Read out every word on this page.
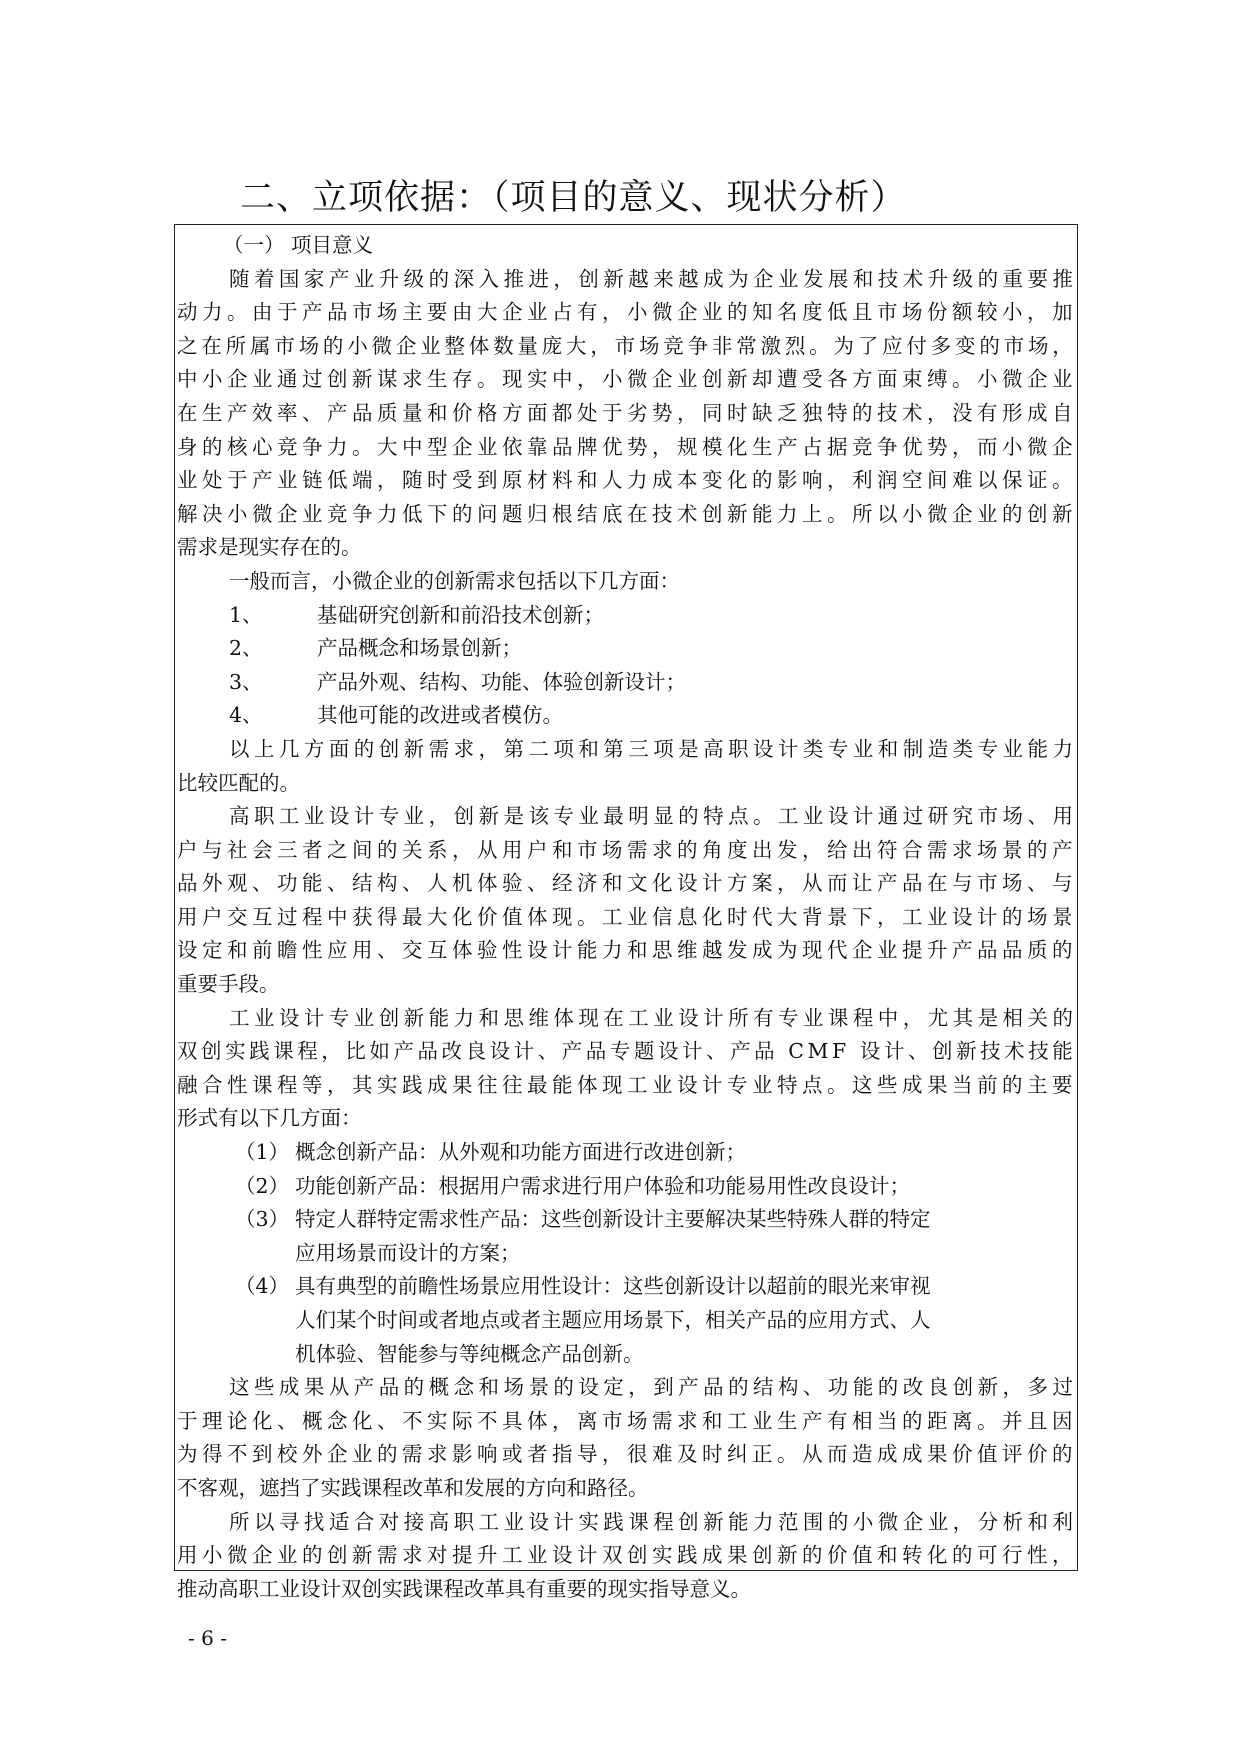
二、立项依据：（项目的意义、现状分析）
（一） 项目意义
随 着 国 家 产 业 升 级 的 深 入 推 进 ， 创 新 越 来 越 成 为 企 业 发 展 和 技 术 升 级 的 重 要 推
动 力 。 由 于 产 品 市 场 主 要 由 大 企 业 占 有 ， 小 微 企 业 的 知 名 度 低 且 市 场 份 额 较 小 ， 加
之 在 所 属 市 场 的 小 微 企 业 整 体 数 量 庞 大 ， 市 场 竞 争 非 常 激 烈 。 为 了 应 付 多 变 的 市 场 ，
中 小 企 业 通 过 创 新 谋 求 生 存 。 现 实 中 ， 小 微 企 业 创 新 却 遭 受 各 方 面 束 缚 。 小 微 企 业
在 生 产 效 率 、 产 品 质 量 和 价 格 方 面 都 处 于 劣 势 ， 同 时 缺 乏 独 特 的 技 术 ， 没 有 形 成 自
身 的 核 心 竞 争 力 。 大 中 型 企 业 依 靠 品 牌 优 势 ， 规 模 化 生 产 占 据 竞 争 优 势 ， 而 小 微 企
业 处 于 产 业 链 低 端 ， 随 时 受 到 原 材 料 和 人 力 成 本 变 化 的 影 响 ， 利 润 空 间 难 以 保 证 。
解 决 小 微 企 业 竞 争 力 低 下 的 问 题 归 根 结 底 在 技 术 创 新 能 力 上 。 所 以 小 微 企 业 的 创 新
需求是现实存在的。
一般而言，小微企业的创新需求包括以下几方面：
1、	基础研究创新和前沿技术创新；
2、	产品概念和场景创新；
3、	产品外观、结构、功能、体验创新设计；
4、	其他可能的改进或者模仿。
以 上 几 方 面 的 创 新 需 求 ， 第 二 项 和 第 三 项 是 高 职 设 计 类 专 业 和 制 造 类 专 业 能 力
比较匹配的。
高 职 工 业 设 计 专 业 ， 创 新 是 该 专 业 最 明 显 的 特 点 。 工 业 设 计 通 过 研 究 市 场 、 用
户 与 社 会 三 者 之 间 的 关 系 ， 从 用 户 和 市 场 需 求 的 角 度 出 发 ， 给 出 符 合 需 求 场 景 的 产
品 外 观 、 功 能 、 结 构 、 人 机 体 验 、 经 济 和 文 化 设 计 方 案 ， 从 而 让 产 品 在 与 市 场 、 与
用 户 交 互 过 程 中 获 得 最 大 化 价 值 体 现 。 工 业 信 息 化 时 代 大 背 景 下 ， 工 业 设 计 的 场 景
设 定 和 前 瞻 性 应 用 、 交 互 体 验 性 设 计 能 力 和 思 维 越 发 成 为 现 代 企 业 提 升 产 品 品 质 的
重要手段。
工 业 设 计 专 业 创 新 能 力 和 思 维 体 现 在 工 业 设 计 所 有 专 业 课 程 中 ， 尤 其 是 相 关 的
双 创 实 践 课 程 ， 比 如 产 品 改 良 设 计 、 产 品 专 题 设 计 、 产 品
C M F
设 计 、 创 新 技 术 技 能
融 合 性 课 程 等 ， 其 实 践 成 果 往 往 最 能 体 现 工 业 设 计 专 业 特 点 。 这 些 成 果 当 前 的 主 要
形式有以下几方面：
（1） 概念创新产品：从外观和功能方面进行改进创新；
（2） 功能创新产品：根据用户需求进行用户体验和功能易用性改良设计；
（3） 特定人群特定需求性产品：这些创新设计主要解决某些特殊人群的特定
应用场景而设计的方案；
（4） 具有典型的前瞻性场景应用性设计：这些创新设计以超前的眼光来审视
人们某个时间或者地点或者主题应用场景下，相关产品的应用方式、人
机体验、智能参与等纯概念产品创新。
这 些 成 果 从 产 品 的 概 念 和 场 景 的 设 定 ， 到 产 品 的 结 构 、 功 能 的 改 良 创 新 ， 多 过
于 理 论 化 、 概 念 化 、 不 实 际 不 具 体 ， 离 市 场 需 求 和 工 业 生 产 有 相 当 的 距 离 。 并 且 因
为 得 不 到 校 外 企 业 的 需 求 影 响 或 者 指 导 ， 很 难 及 时 纠 正 。 从 而 造 成 成 果 价 值 评 价 的
不客观，遮挡了实践课程改革和发展的方向和路径。
所 以 寻 找 适 合 对 接 高 职 工 业 设 计 实 践 课 程 创 新 能 力 范 围 的 小 微 企 业 ， 分 析 和 利
用 小 微 企 业 的 创 新 需 求 对 提 升 工 业 设 计 双 创 实 践 成 果 创 新 的 价 值 和 转 化 的 可 行 性 ，
推动高职工业设计双创实践课程改革具有重要的现实指导意义。
- 6 -
